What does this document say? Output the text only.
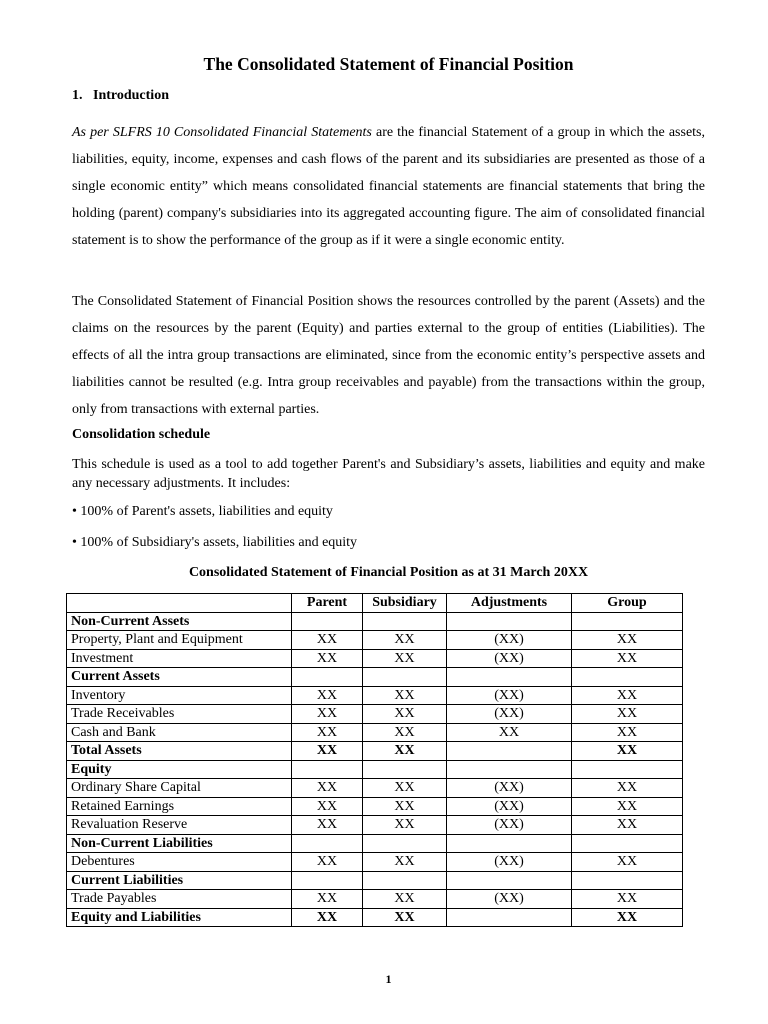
The Consolidated Statement of Financial Position

1. Introduction

As per SLFRS 10 Consolidated Financial Statements are the financial Statement of a group in which the assets, liabilities, equity, income, expenses and cash flows of the parent and its subsidiaries are presented as those of a single economic entity” which means consolidated financial statements are financial statements that bring the holding (parent) company's subsidiaries into its aggregated accounting figure. The aim of consolidated financial statement is to show the performance of the group as if it were a single economic entity.

The Consolidated Statement of Financial Position shows the resources controlled by the parent (Assets) and the claims on the resources by the parent (Equity) and parties external to the group of entities (Liabilities). The effects of all the intra group transactions are eliminated, since from the economic entity’s perspective assets and liabilities cannot be resulted (e.g. Intra group receivables and payable) from the transactions within the group, only from transactions with external parties.

Consolidation schedule

This schedule is used as a tool to add together Parent's and Subsidiary’s assets, liabilities and equity and make any necessary adjustments. It includes:

• 100% of Parent's assets, liabilities and equity

• 100% of Subsidiary's assets, liabilities and equity

Consolidated Statement of Financial Position as at 31 March 20XX

	Parent	Subsidiary	Adjustments	Group
Non-Current Assets				
Property, Plant and Equipment	XX	XX	(XX)	XX
Investment	XX	XX	(XX)	XX
Current Assets				
Inventory	XX	XX	(XX)	XX
Trade Receivables	XX	XX	(XX)	XX
Cash and Bank	XX	XX	XX	XX
Total Assets	XX	XX		XX
Equity				
Ordinary Share Capital	XX	XX	(XX)	XX
Retained Earnings	XX	XX	(XX)	XX
Revaluation Reserve	XX	XX	(XX)	XX
Non-Current Liabilities				
Debentures	XX	XX	(XX)	XX
Current Liabilities				
Trade Payables	XX	XX	(XX)	XX
Equity and Liabilities	XX	XX		XX
1
